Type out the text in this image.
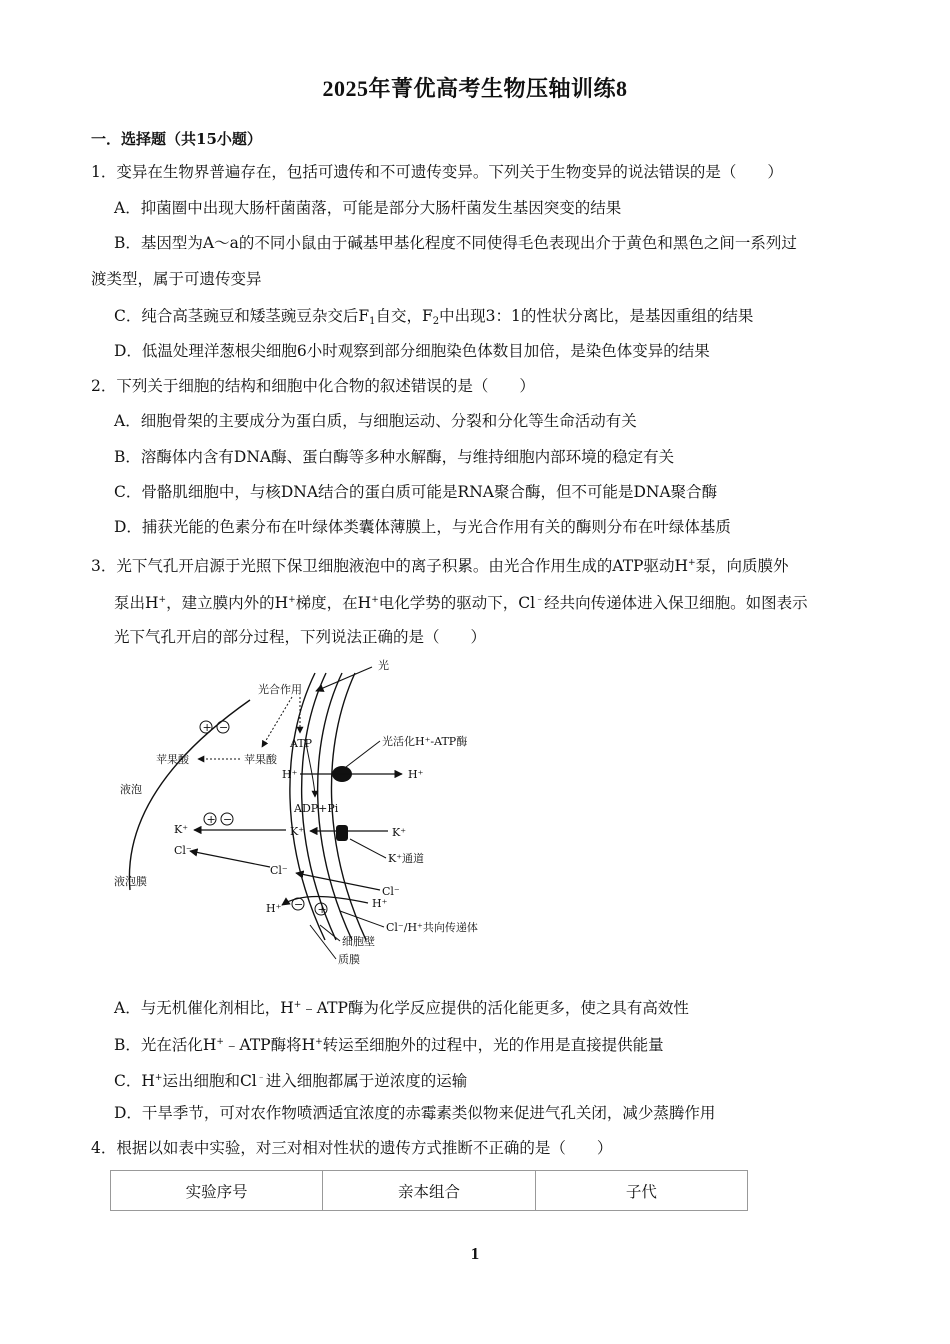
2025年菁优高考生物压轴训练8
一．选择题（共15小题）
1．变异在生物界普遍存在，包括可遗传和不可遗传变异。下列关于生物变异的说法错误的是（　　）
A．抑菌圈中出现大肠杆菌菌落，可能是部分大肠杆菌发生基因突变的结果
B．基因型为A～a的不同小鼠由于碱基甲基化程度不同使得毛色表现出介于黄色和黑色之间一系列过
渡类型，属于可遗传变异
C．纯合高茎豌豆和矮茎豌豆杂交后$F_1$自交，$F_2$中出现3：1的性状分离比，是基因重组的结果
D．低温处理洋葱根尖细胞6小时观察到部分细胞染色体数目加倍，是染色体变异的结果
2．下列关于细胞的结构和细胞中化合物的叙述错误的是（　　）
A．细胞骨架的主要成分为蛋白质，与细胞运动、分裂和分化等生命活动有关
B．溶酶体内含有DNA酶、蛋白酶等多种水解酶，与维持细胞内部环境的稳定有关
C．骨骼肌细胞中，与核DNA结合的蛋白质可能是RNA聚合酶，但不可能是DNA聚合酶
D．捕获光能的色素分布在叶绿体类囊体薄膜上，与光合作用有关的酶则分布在叶绿体基质
3．光下气孔开启源于光照下保卫细胞液泡中的离子积累。由光合作用生成的ATP驱动H+泵，向质膜外
泵出H+，建立膜内外的H+梯度，在H+电化学势的驱动下，Cl﹣经共向传递体进入保卫细胞。如图表示
光下气孔开启的部分过程，下列说法正确的是（　　）
光
光合作用
ATP	光活化H⁺-ATP酶
H⁺	H⁺
ADP+Pi
苹果酸	苹果酸
+ −
液泡
+ −
K⁺	K⁺	K⁺
K⁺通道
Cl⁻
Cl⁻
Cl⁻
H⁺
H⁺ − +
液泡膜
Cl⁻/H⁺共向传递体
细胞壁
质膜
A．与无机催化剂相比，H+﹣ATP酶为化学反应提供的活化能更多，使之具有高效性
B．光在活化H+﹣ATP酶将H+转运至细胞外的过程中，光的作用是直接提供能量
C．H+运出细胞和Cl﹣进入细胞都属于逆浓度的运输
D．干旱季节，可对农作物喷洒适宜浓度的赤霉素类似物来促进气孔关闭，减少蒸腾作用
4．根据以如表中实验，对三对相对性状的遗传方式推断不正确的是（　　）
实验序号	亲本组合	子代
1
